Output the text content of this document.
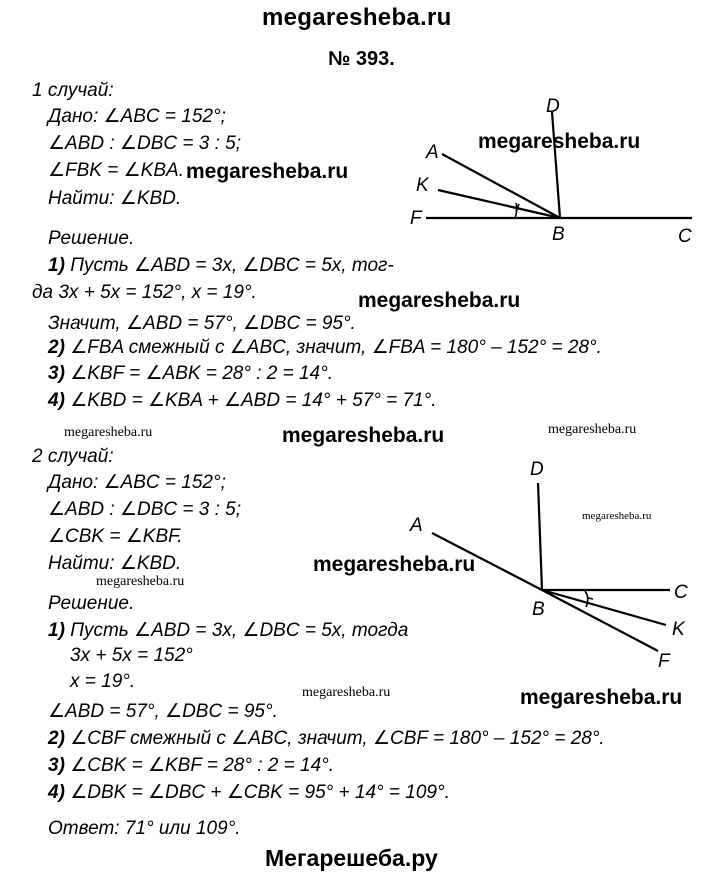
megaresheba.ru
№ 393.
1 случай:
Дано: ∠ABC = 152°;
∠ABD : ∠DBC = 3 : 5;
∠FBK = ∠KBA.
Найти: ∠KBD.
Решение.
1) Пусть ∠ABD = 3x, ∠DBC = 5x, тог-
да 3x + 5x = 152°, x = 19°.
Значит, ∠ABD = 57°, ∠DBC = 95°.
2) ∠FBA смежный с ∠ABC, значит, ∠FBA = 180° – 152° = 28°.
3) ∠KBF = ∠ABK = 28° : 2 = 14°.
4) ∠KBD = ∠KBA + ∠ABD = 14° + 57° = 71°.
D
A
K
F
B	C
2 случай:
Дано: ∠ABC = 152°;
∠ABD : ∠DBC = 3 : 5;
∠CBK = ∠KBF.
Найти: ∠KBD.
Решение.
1) Пусть ∠ABD = 3x, ∠DBC = 5x, тогда
3x + 5x = 152°
x = 19°.
∠ABD = 57°, ∠DBC = 95°.
2) ∠CBF смежный с ∠ABC, значит, ∠CBF = 180° – 152° = 28°.
3) ∠CBK = ∠KBF = 28° : 2 = 14°.
4) ∠DBK = ∠DBC + ∠CBK = 95° + 14° = 109°.
Ответ: 71° или 109°.
D
A
B
C
K
F
megaresheba.ru
megaresheba.ru
megaresheba.ru
megaresheba.ru	megaresheba.ru	megaresheba.ru
megaresheba.ru
megaresheba.ru
megaresheba.ru
megaresheba.ru	megaresheba.ru
Мегарешеба.ру
